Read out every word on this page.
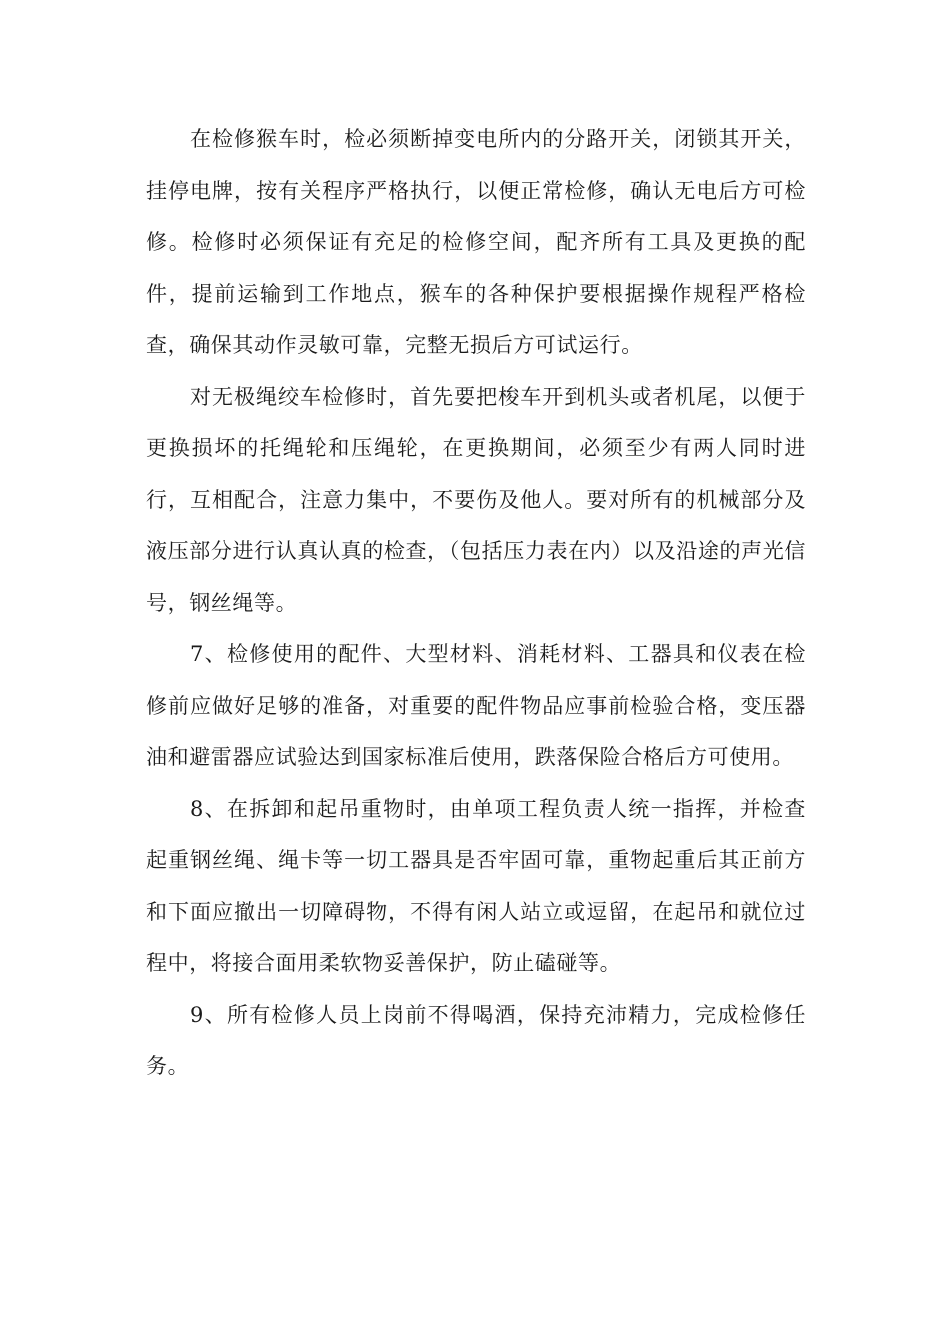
在检修猴车时，检必须断掉变电所内的分路开关，闭锁其开关，挂停电牌，按有关程序严格执行，以便正常检修，确认无电后方可检修。检修时必须保证有充足的检修空间，配齐所有工具及更换的配件，提前运输到工作地点，猴车的各种保护要根据操作规程严格检查，确保其动作灵敏可靠，完整无损后方可试运行。

对无极绳绞车检修时，首先要把梭车开到机头或者机尾，以便于更换损坏的托绳轮和压绳轮，在更换期间，必须至少有两人同时进行，互相配合，注意力集中，不要伤及他人。要对所有的机械部分及液压部分进行认真认真的检查，（包括压力表在内）以及沿途的声光信号，钢丝绳等。

7、检修使用的配件、大型材料、消耗材料、工器具和仪表在检修前应做好足够的准备，对重要的配件物品应事前检验合格，变压器油和避雷器应试验达到国家标准后使用，跌落保险合格后方可使用。

8、在拆卸和起吊重物时，由单项工程负责人统一指挥，并检查起重钢丝绳、绳卡等一切工器具是否牢固可靠，重物起重后其正前方和下面应撤出一切障碍物，不得有闲人站立或逗留，在起吊和就位过程中，将接合面用柔软物妥善保护，防止磕碰等。

9、所有检修人员上岗前不得喝酒，保持充沛精力，完成检修任务。
